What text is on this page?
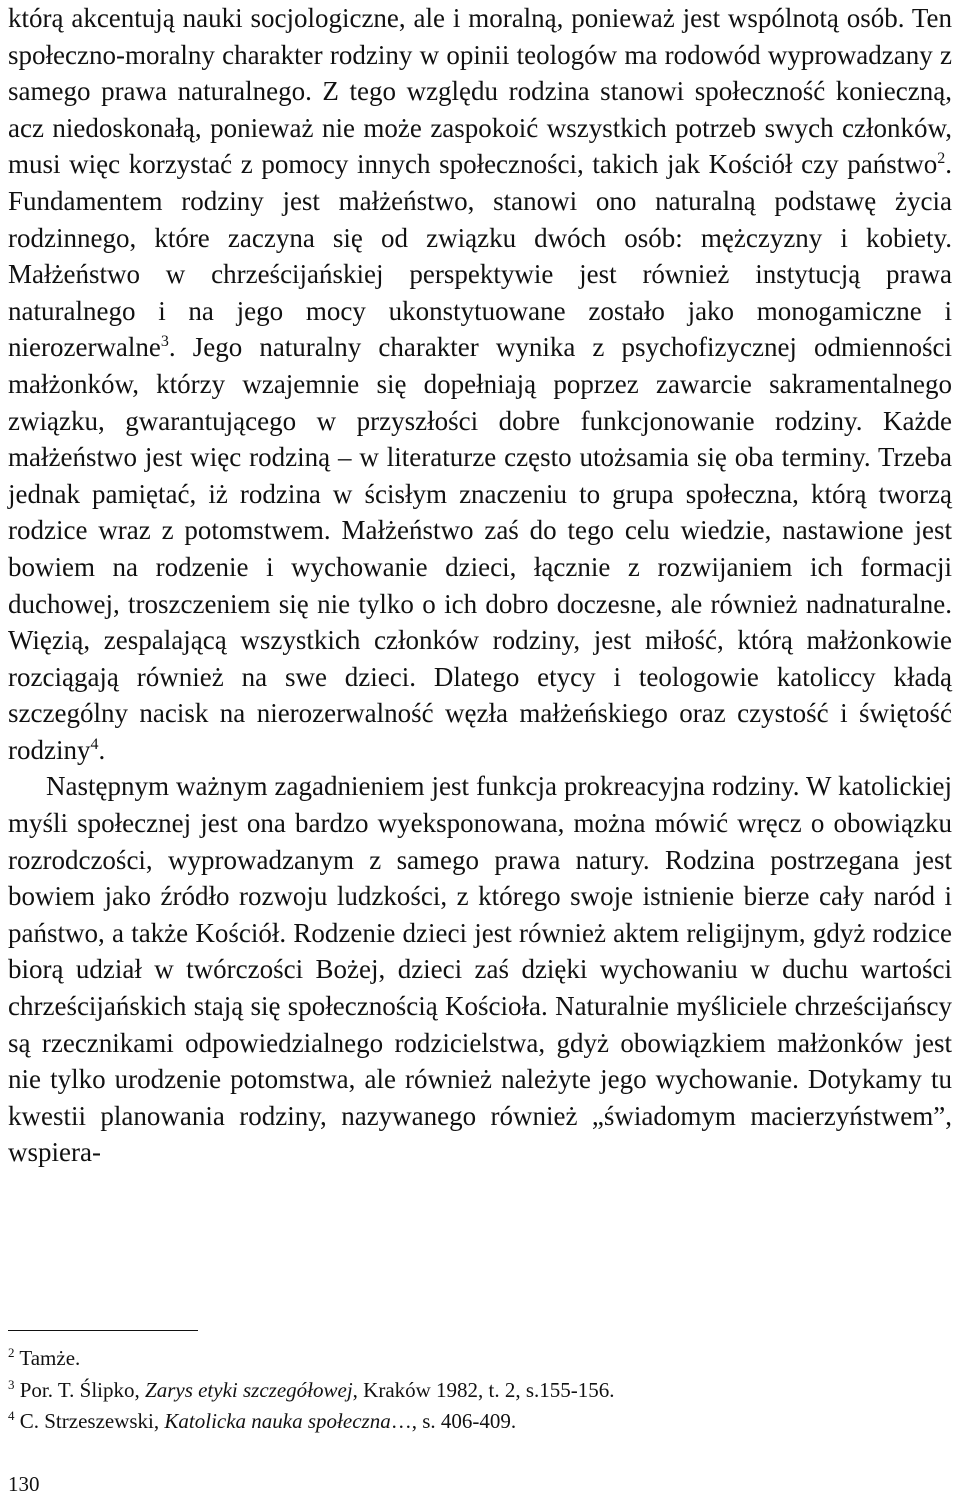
którą akcentują nauki socjologiczne, ale i moralną, ponieważ jest wspólnotą osób. Ten społeczno-moralny charakter rodziny w opinii teologów ma rodowód wyprowadzany z samego prawa naturalnego. Z tego względu rodzina stanowi społeczność konieczną, acz niedoskonałą, ponieważ nie może zaspokoić wszystkich potrzeb swych członków, musi więc korzystać z pomocy innych społeczności, takich jak Kościół czy państwo$^2$. Fundamentem rodziny jest małżeństwo, stanowi ono naturalną podstawę życia rodzinnego, które zaczyna się od związku dwóch osób: mężczyzny i kobiety. Małżeństwo w chrześcijańskiej perspektywie jest również instytucją prawa naturalnego i na jego mocy ukonstytuowane zostało jako monogamiczne i nierozerwalne$^3$. Jego naturalny charakter wynika z psychofizycznej odmienności małżonków, którzy wzajemnie się dopełniają poprzez zawarcie sakramentalnego związku, gwarantującego w przyszłości dobre funkcjonowanie rodziny. Każde małżeństwo jest więc rodziną – w literaturze często utożsamia się oba terminy. Trzeba jednak pamiętać, iż rodzina w ścisłym znaczeniu to grupa społeczna, którą tworzą rodzice wraz z potomstwem. Małżeństwo zaś do tego celu wiedzie, nastawione jest bowiem na rodzenie i wychowanie dzieci, łącznie z rozwijaniem ich formacji duchowej, troszczeniem się nie tylko o ich dobro doczesne, ale również nadnaturalne. Więzią, zespalającą wszystkich członków rodziny, jest miłość, którą małżonkowie rozciągają również na swe dzieci. Dlatego etycy i teologowie katoliccy kładą szczególny nacisk na nierozerwalność węzła małżeńskiego oraz czystość i świętość rodziny$^4$.

Następnym ważnym zagadnieniem jest funkcja prokreacyjna rodziny. W katolickiej myśli społecznej jest ona bardzo wyeksponowana, można mówić wręcz o obowiązku rozrodczości, wyprowadzanym z samego prawa natury. Rodzina postrzegana jest bowiem jako źródło rozwoju ludzkości, z którego swoje istnienie bierze cały naród i państwo, a także Kościół. Rodzenie dzieci jest również aktem religijnym, gdyż rodzice biorą udział w twórczości Bożej, dzieci zaś dzięki wychowaniu w duchu wartości chrześcijańskich stają się społecznością Kościoła. Naturalnie myśliciele chrześcijańscy są rzecznikami odpowiedzialnego rodzicielstwa, gdyż obowiązkiem małżonków jest nie tylko urodzenie potomstwa, ale również należyte jego wychowanie. Dotykamy tu kwestii planowania rodziny, nazywanego również „świadomym macierzyństwem”, wspiera-

$^2$ Tamże.

$^3$ Por. T. Ślipko, Zarys etyki szczegółowej, Kraków 1982, t. 2, s.155-156.

$^4$ C. Strzeszewski, Katolicka nauka społeczna…, s. 406-409.

130
